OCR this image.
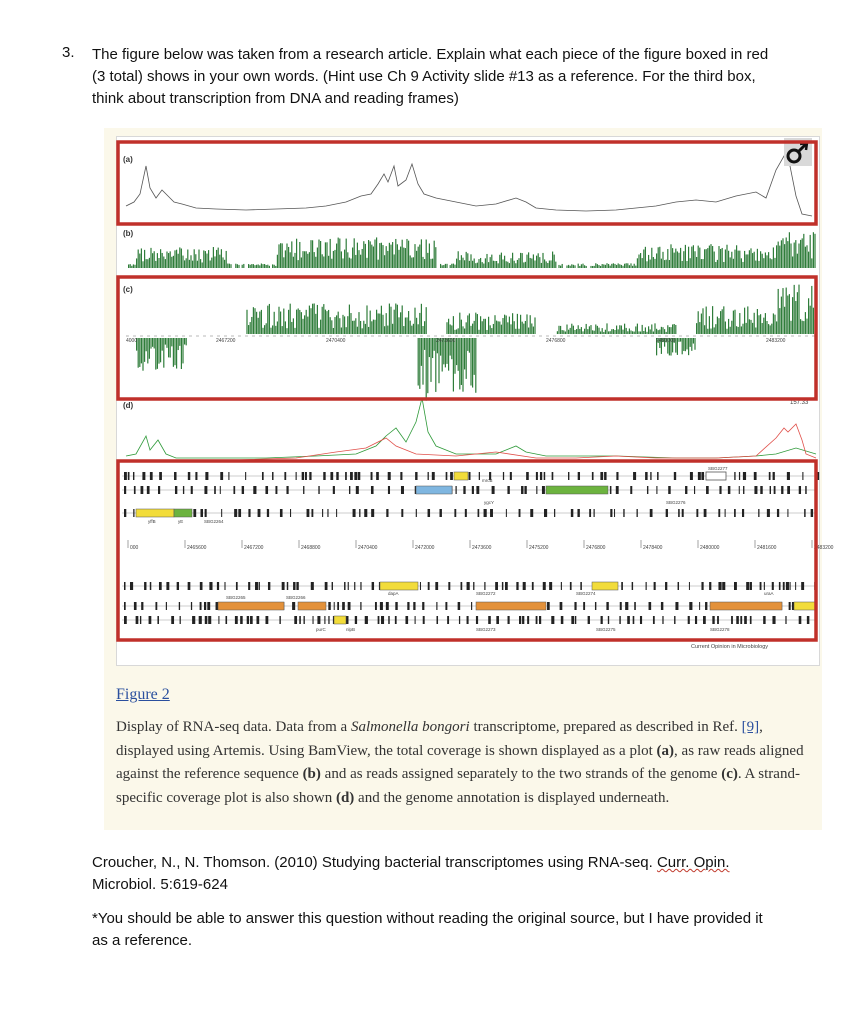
3. The figure below was taken from a research article. Explain what each piece of the figure boxed in red (3 total) shows in your own words. (Hint use Ch 9 Activity slide #13 as a reference. For the third box, think about transcription from DNA and reading frames)
(a)
(b)
(c)
(d)
4000	2467200	2470400	2473600	2476800	2480000	2483200
157.33
yffB	yE	SBG2264
mrcB
ygcY	SBG2276
SBG2277
000	2465600	2467200	2468800	2470400	2472000	2473600	2475200	2476800	2478400	2480000	2481600	2483200
SBG2265	SBG2266
purC	nlpB
dapA	SBG2272
SBG2273
SBG2274
SBG2275
uraA
SBG2278
Current Opinion in Microbiology
Figure 2
Display of RNA-seq data. Data from a Salmonella bongori transcriptome, prepared as described in Ref. [9], displayed using Artemis. Using BamView, the total coverage is shown displayed as a plot (a), as raw reads aligned against the reference sequence (b) and as reads assigned separately to the two strands of the genome (c). A strand-specific coverage plot is also shown (d) and the genome annotation is displayed underneath.
Croucher, N., N. Thomson. (2010) Studying bacterial transcriptomes using RNA-seq. Curr. Opin.
Microbiol. 5:619-624
*You should be able to answer this question without reading the original source, but I have provided it as a reference.
